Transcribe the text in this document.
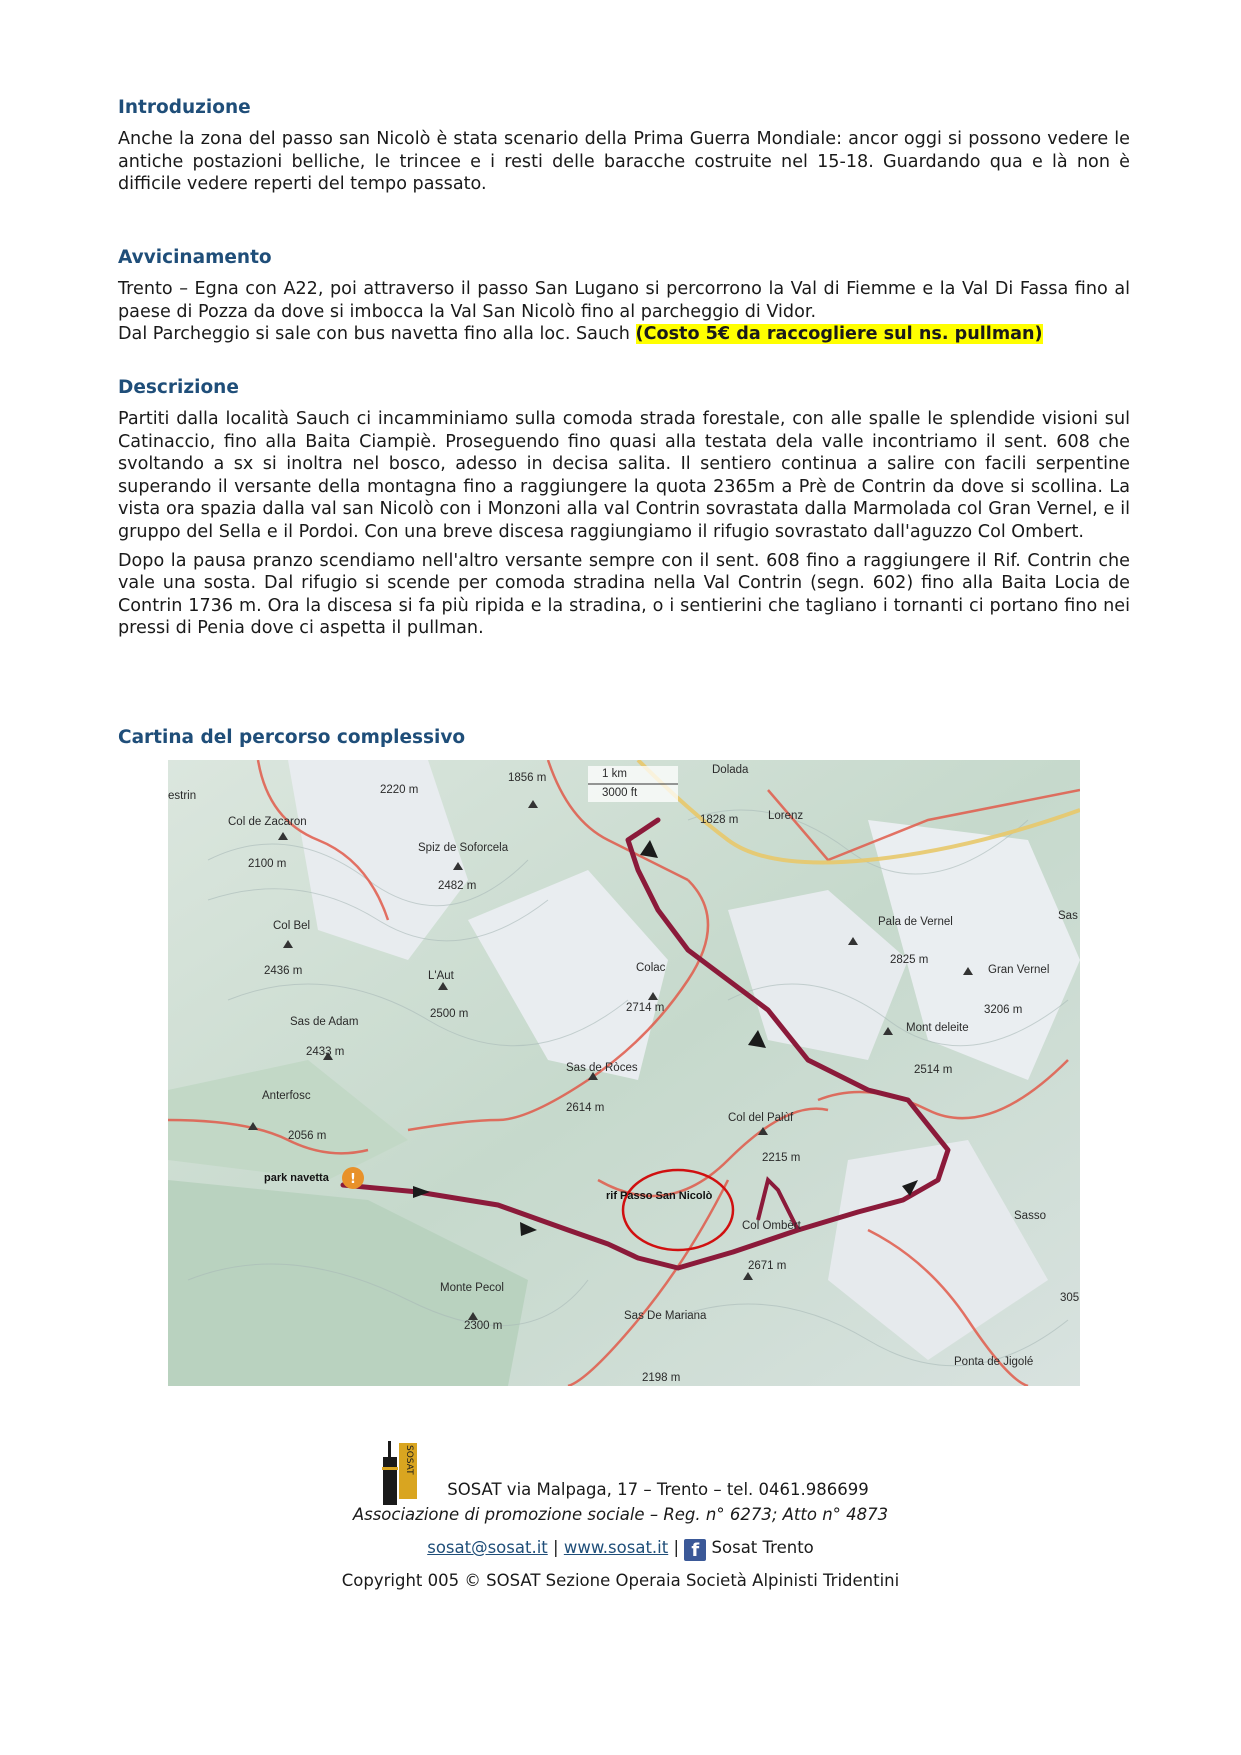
Introduzione

Anche la zona del passo san Nicolò è stata scenario della Prima Guerra Mondiale: ancor oggi si possono vedere le antiche postazioni belliche, le trincee e i resti delle baracche costruite nel 15-18. Guardando qua e là non è difficile vedere reperti del tempo passato.

Avvicinamento

Trento – Egna con A22, poi attraverso il passo San Lugano si percorrono la Val di Fiemme e la Val Di Fassa fino al paese di Pozza da dove si imbocca la Val San Nicolò fino al parcheggio di Vidor.

Dal Parcheggio si sale con bus navetta fino alla loc. Sauch (Costo 5€ da raccogliere sul ns. pullman)

Descrizione

Partiti dalla località Sauch ci incamminiamo sulla comoda strada forestale, con alle spalle le splendide visioni sul Catinaccio, fino alla Baita Ciampiè. Proseguendo fino quasi alla testata dela valle incontriamo il sent. 608 che svoltando a sx si inoltra nel bosco, adesso in decisa salita. Il sentiero continua a salire con facili serpentine superando il versante della montagna fino a raggiungere la quota 2365m a Prè de Contrin da dove si scollina. La vista ora spazia dalla val san Nicolò con i Monzoni alla val Contrin sovrastata dalla Marmolada col Gran Vernel, e il gruppo del Sella e il Pordoi. Con una breve discesa raggiungiamo il rifugio sovrastato dall'aguzzo Col Ombert.

Dopo la pausa pranzo scendiamo nell'altro versante sempre con il sent. 608 fino a raggiungere il Rif. Contrin che vale una sosta. Dal rifugio si scende per comoda stradina nella Val Contrin (segn. 602) fino alla Baita Locia de Contrin 1736 m. Ora la discesa si fa più ripida e la stradina, o i sentierini che tagliano i tornanti ci portano fino nei pressi di Penia dove ci aspetta il pullman.

Cartina del percorso complessivo
!
estrin	2220 m
1856 m	1 km
3000 ft
Dolada
1828 m	Lorenz
Col de Zacaron
2100 m
Spiz de Soforcela
2482 m
Col Bel
2436 m	L'Aut
2500 m
Colac
2714 m
Sas de Adam
2433 m
Pala de Vernel
2825 m
Gran Vernel
3206 m
Mont deleite
2514 m
Sas de Ròces
2614 m
Anterfosc
2056 m
Col del Palùf
2215 m
park navetta
rif Passo San Nicolò
Col Ombèrt
2671 m
Monte Pecol
2300 m
Sas De Mariana
2198 m
Ponta de Jigolé
Sasso
Sas
305
SOSAT
SOSAT via Malpaga, 17 – Trento – tel. 0461.986699
Associazione di promozione sociale – Reg. n° 6273; Atto n° 4873
sosat@sosat.it | www.sosat.it | f Sosat Trento
Copyright 005 © SOSAT Sezione Operaia Società Alpinisti Tridentini
